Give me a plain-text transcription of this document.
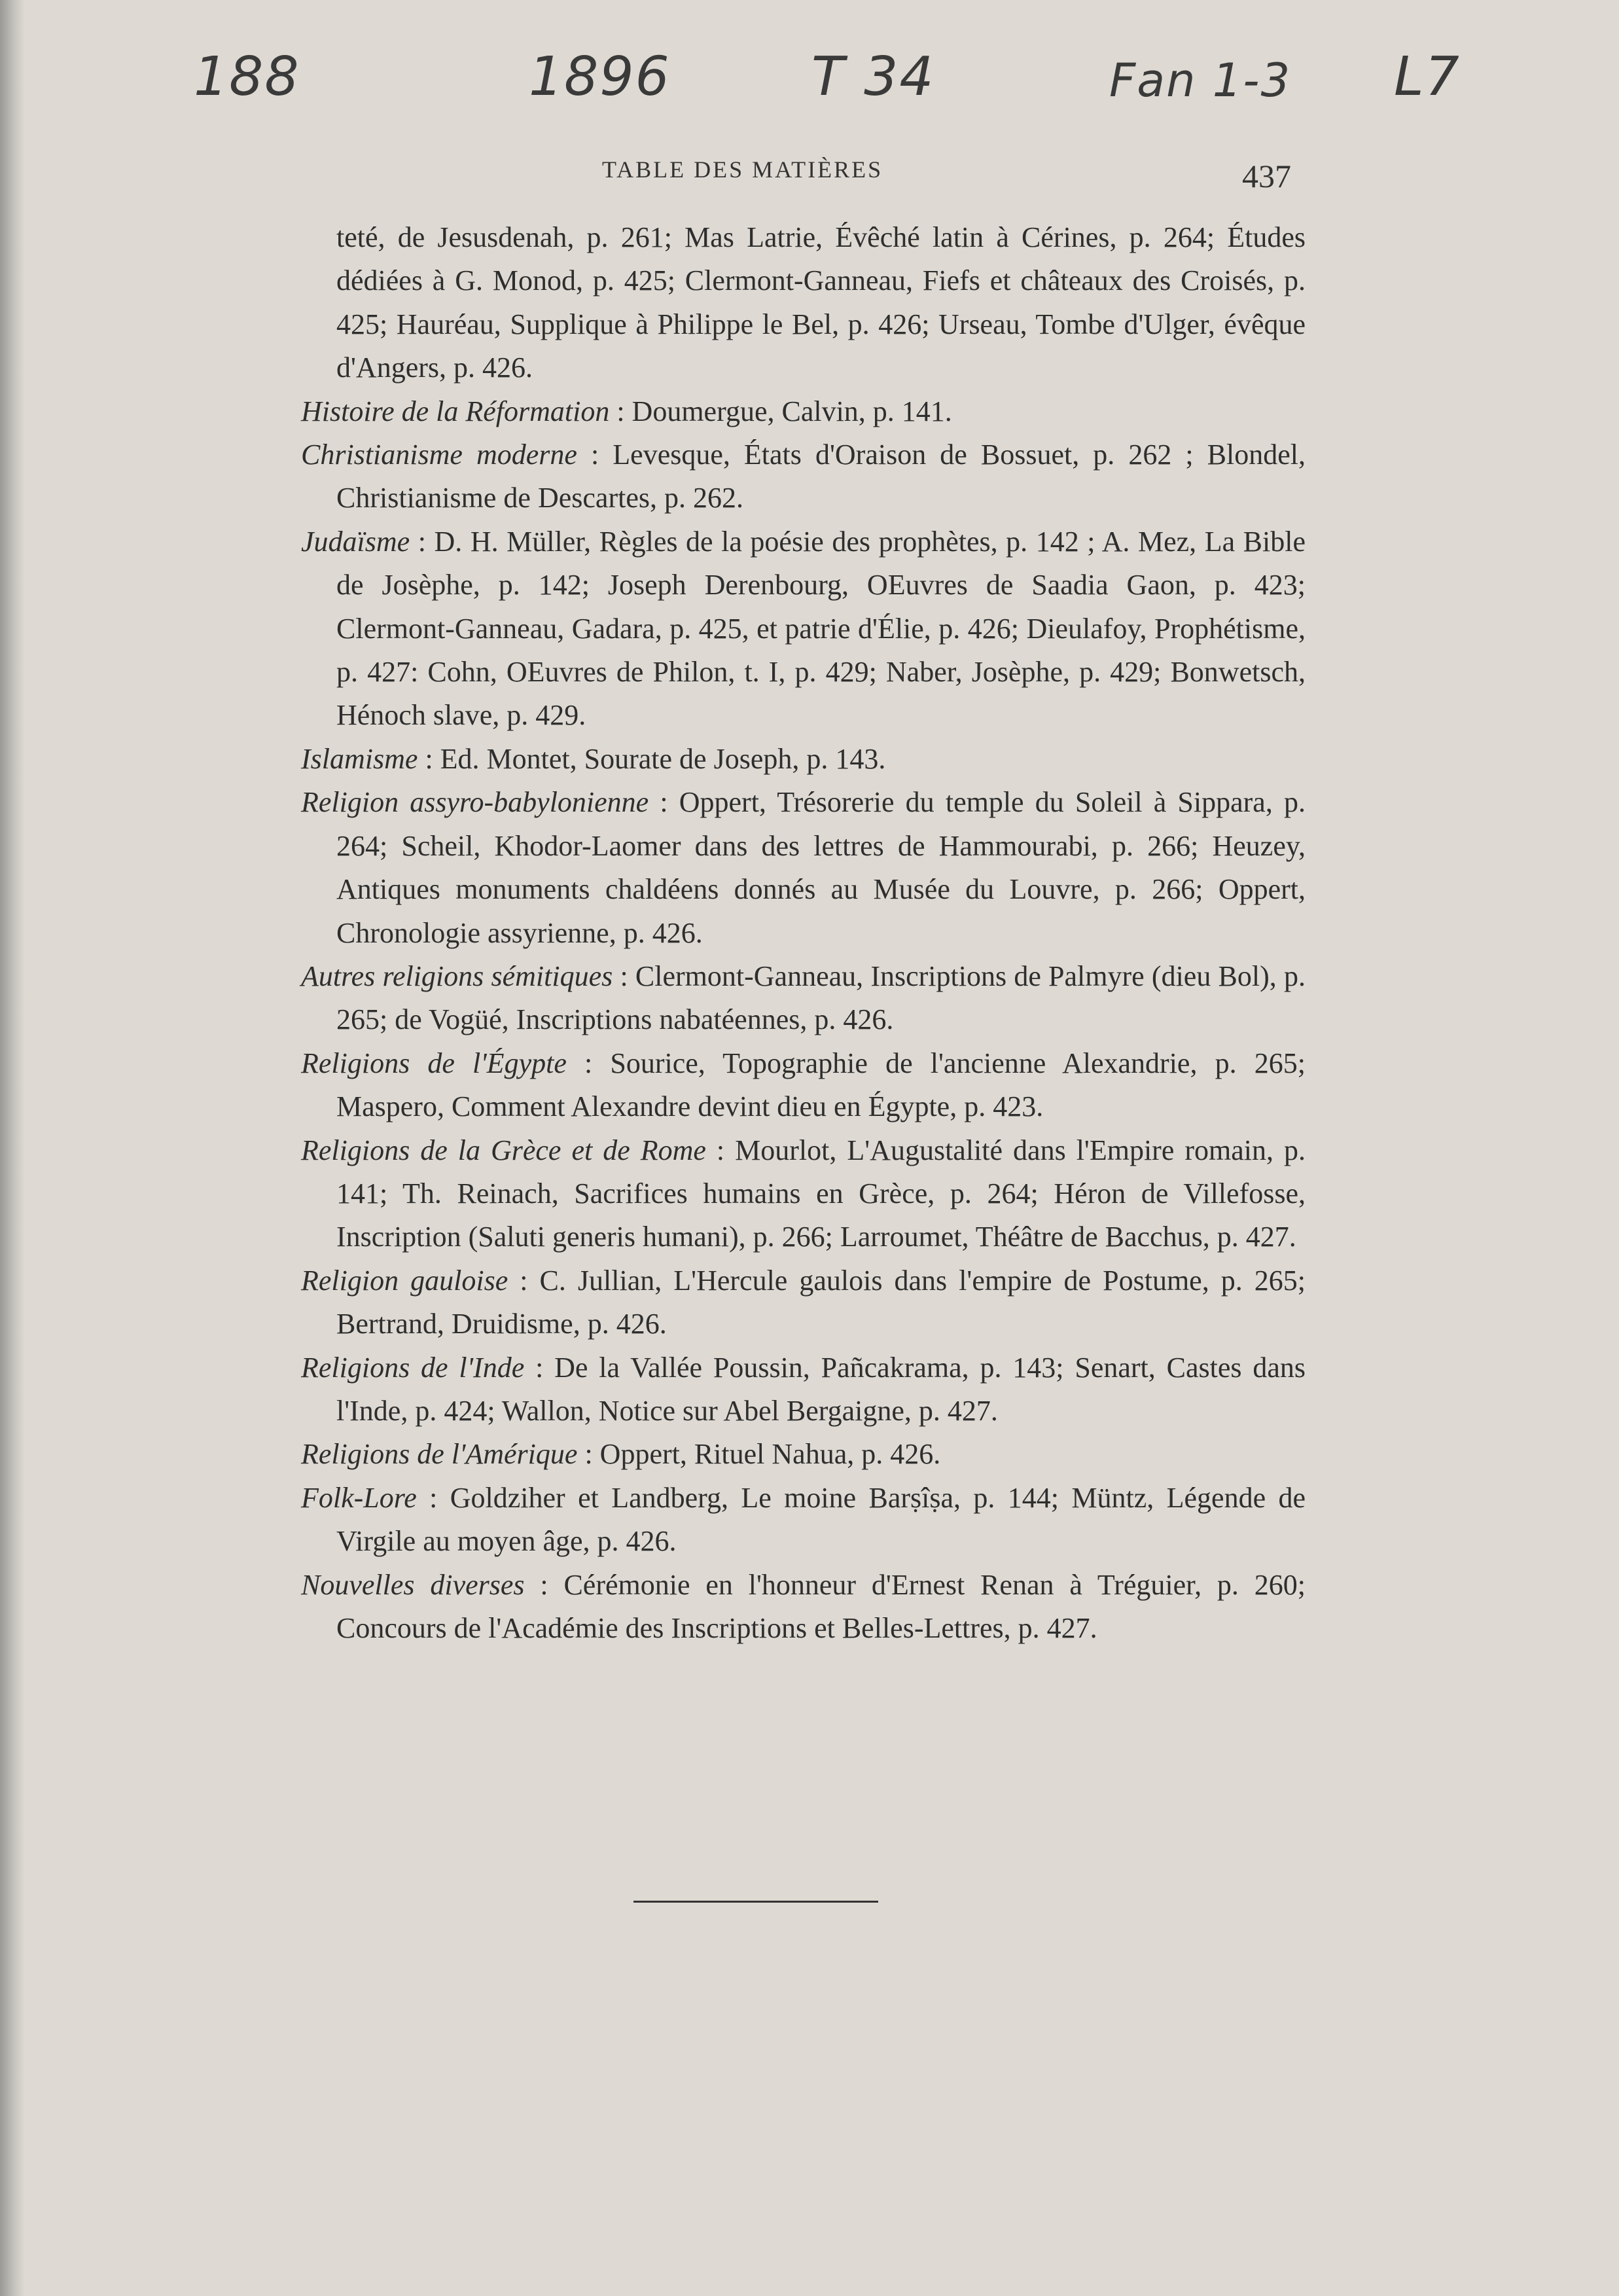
188	1896	T 34	Fan 1-3 L7
TABLE DES MATIÈRES	437

teté, de Jesusdenah, p. 261; Mas Latrie, Évêché latin à Cérines, p. 264; Études dédiées à G. Monod, p. 425; Clermont-Ganneau, Fiefs et châteaux des Croisés, p. 425; Hauréau, Supplique à Philippe le Bel, p. 426; Urseau, Tombe d'Ulger, évêque d'Angers, p. 426.

Histoire de la Réformation : Doumergue, Calvin, p. 141.

Christianisme moderne : Levesque, États d'Oraison de Bossuet, p. 262 ; Blondel, Christianisme de Descartes, p. 262.

Judaïsme : D. H. Müller, Règles de la poésie des prophètes, p. 142 ; A. Mez, La Bible de Josèphe, p. 142; Joseph Derenbourg, OEuvres de Saadia Gaon, p. 423; Clermont-Ganneau, Gadara, p. 425, et patrie d'Élie, p. 426; Dieulafoy, Prophétisme, p. 427: Cohn, OEuvres de Philon, t. I, p. 429; Naber, Josèphe, p. 429; Bonwetsch, Hénoch slave, p. 429.

Islamisme : Ed. Montet, Sourate de Joseph, p. 143.

Religion assyro-babylonienne : Oppert, Trésorerie du temple du Soleil à Sippara, p. 264; Scheil, Khodor-Laomer dans des lettres de Hammourabi, p. 266; Heuzey, Antiques monuments chaldéens donnés au Musée du Louvre, p. 266; Oppert, Chronologie assyrienne, p. 426.

Autres religions sémitiques : Clermont-Ganneau, Inscriptions de Palmyre (dieu Bol), p. 265; de Vogüé, Inscriptions nabatéennes, p. 426.

Religions de l'Égypte : Sourice, Topographie de l'ancienne Alexandrie, p. 265; Maspero, Comment Alexandre devint dieu en Égypte, p. 423.

Religions de la Grèce et de Rome : Mourlot, L'Augustalité dans l'Empire romain, p. 141; Th. Reinach, Sacrifices humains en Grèce, p. 264; Héron de Villefosse, Inscription (Saluti generis humani), p. 266; Larroumet, Théâtre de Bacchus, p. 427.

Religion gauloise : C. Jullian, L'Hercule gaulois dans l'empire de Postume, p. 265; Bertrand, Druidisme, p. 426.

Religions de l'Inde : De la Vallée Poussin, Pañcakrama, p. 143; Senart, Castes dans l'Inde, p. 424; Wallon, Notice sur Abel Bergaigne, p. 427.

Religions de l'Amérique : Oppert, Rituel Nahua, p. 426.

Folk-Lore : Goldziher et Landberg, Le moine Barṣîṣa, p. 144; Müntz, Légende de Virgile au moyen âge, p. 426.

Nouvelles diverses : Cérémonie en l'honneur d'Ernest Renan à Tréguier, p. 260; Concours de l'Académie des Inscriptions et Belles-Lettres, p. 427.
